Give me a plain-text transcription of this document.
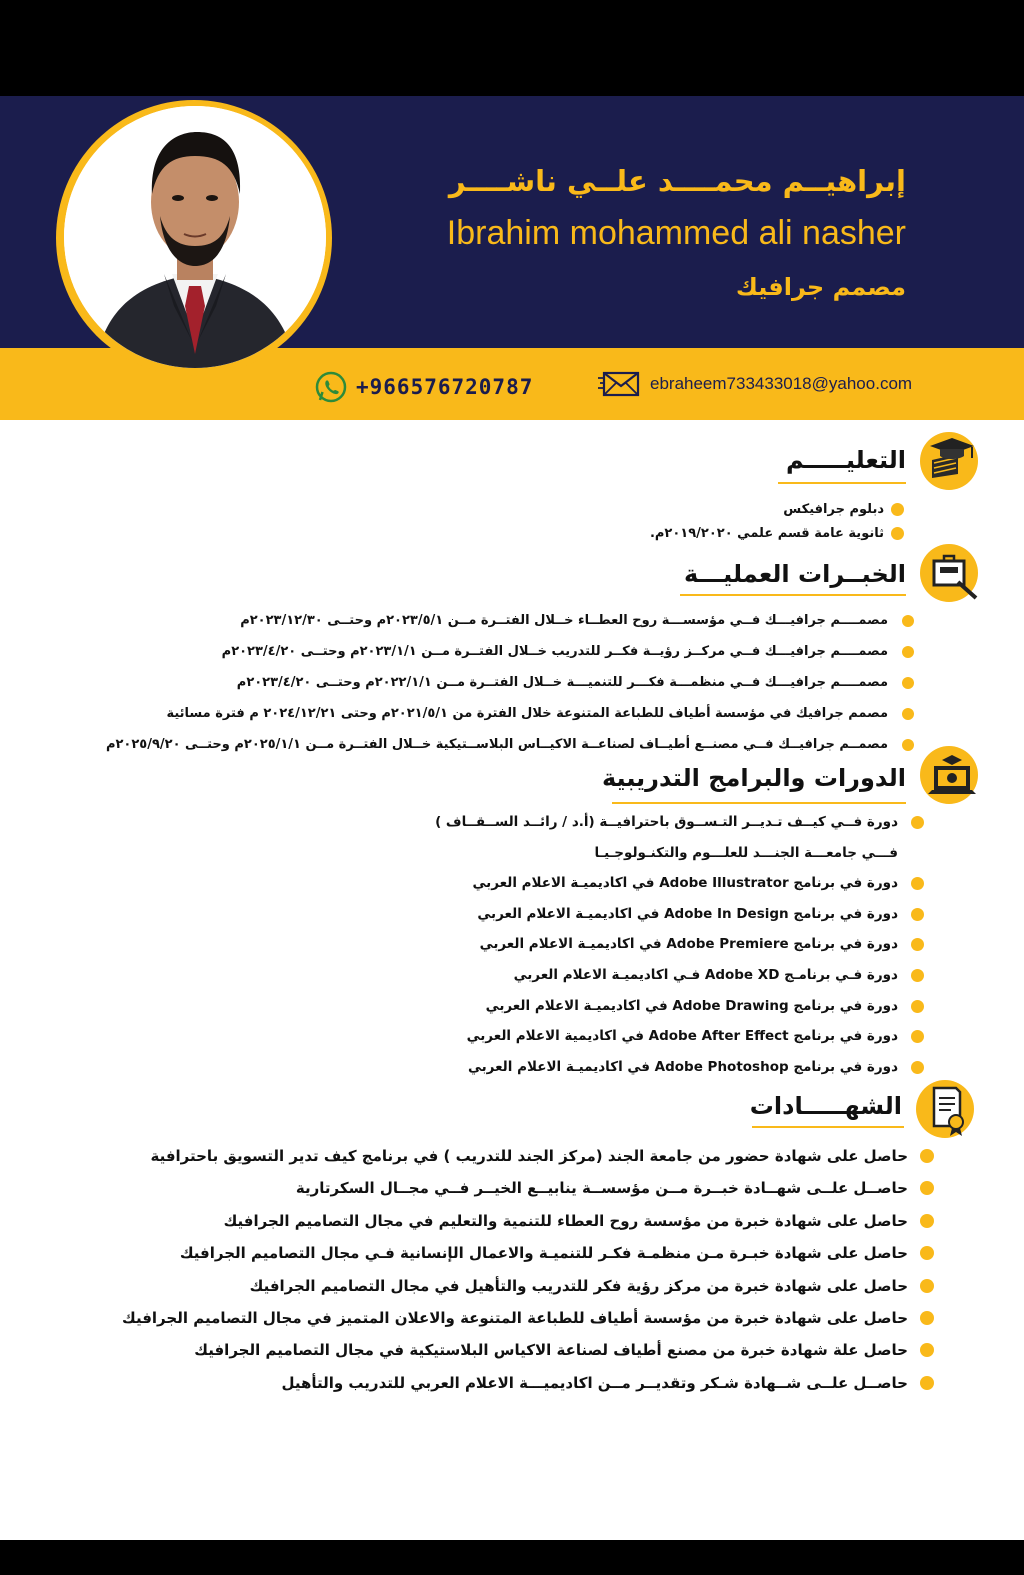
إبراهيــم محمــــد علــي ناشــــر
Ibrahim mohammed ali nasher
مصمم جرافيك
+966576720787	ebraheem733433018@yahoo.com
التعليـــــم
دبلوم جرافيكس
ثانوية عامة قسم علمي ٢٠١٩/٢٠٢٠م.
الخبــرات العمليـــة
مصمــــم جرافيـــك فــي مؤسســـة روح العطــاء خــلال الفتــرة مــن ٢٠٢٣/٥/١م وحتــى ٢٠٢٣/١٢/٣٠م
مصمــــم جرافيـــك فــي مركــز رؤيــة فكــر للتدريب خــلال الفتــرة مــن ٢٠٢٣/١/١م وحتــى ٢٠٢٣/٤/٢٠م
مصمــــم جرافيـــك فــي منظمـــة فكـــر للتنميـــة خــلال الفتــرة مــن ٢٠٢٢/١/١م وحتــى ٢٠٢٣/٤/٢٠م
مصمم جرافيك في مؤسسة أطياف للطباعة المتنوعة خلال الفترة من ٢٠٢١/٥/١م وحتى ٢٠٢٤/١٢/٢١ م فترة مسائية
مصمــم جرافيــك فــي مصنــع أطيــاف لصناعــة الاكيــاس البلاســتيكية خــلال الفتــرة مــن ٢٠٢٥/١/١م وحتــى ٢٠٢٥/٩/٢٠م
الدورات والبرامج التدريبية
دورة فــي كيــف تـديــر التـســوق باحترافيــة (أ.د / رائــد الســقــاف )
فـــي جامعـــة الجنـــد للعلـــوم والتكنـولوجـيـا
دورة في برنامج Adobe Illustrator في اكاديميـة الاعلام العربي
دورة في برنامج Adobe In Design في اكاديميـة الاعلام العربي
دورة في برنامج Adobe Premiere في اكاديميـة الاعلام العربي
دورة فـي برنامـج Adobe XD فـي اكاديميـة الاعلام العربي
دورة في برنامج Adobe Drawing في اكاديميـة الاعلام العربي
دورة في برنامج Adobe After Effect في اكاديمية الاعلام العربي
دورة في برنامج Adobe Photoshop في اكاديميـة الاعلام العربي
الشهـــــادات
حاصل على شهادة حضور من جامعة الجند (مركز الجند للتدريب ) في برنامج كيف تدير التسويق باحترافية
حاصــل علــى شهــادة خبــرة مــن مؤسســة ينابيــع الخيــر فــي مجــال السكرتارية
حاصل على شهادة خبرة من مؤسسة روح العطاء للتنمية والتعليم في مجال التصاميم الجرافيك
حاصل على شهادة خبـرة مـن منظمـة فكـر للتنميـة والاعمال الإنسانية فـي مجال التصاميم الجرافيك
حاصل على شهادة خبرة من مركز رؤية فكر للتدريب والتأهيل في مجال التصاميم الجرافيك
حاصل على شهادة خبرة من مؤسسة أطياف للطباعة المتنوعة والاعلان المتميز في مجال التصاميم الجرافيك
حاصل علة شهادة خبرة من مصنع أطياف لصناعة الاكياس البلاستيكية في مجال التصاميم الجرافيك
حاصــل علــى شــهادة شـكر وتقديــر مــن اكاديميـــة الاعلام العربي للتدريب والتأهيل
